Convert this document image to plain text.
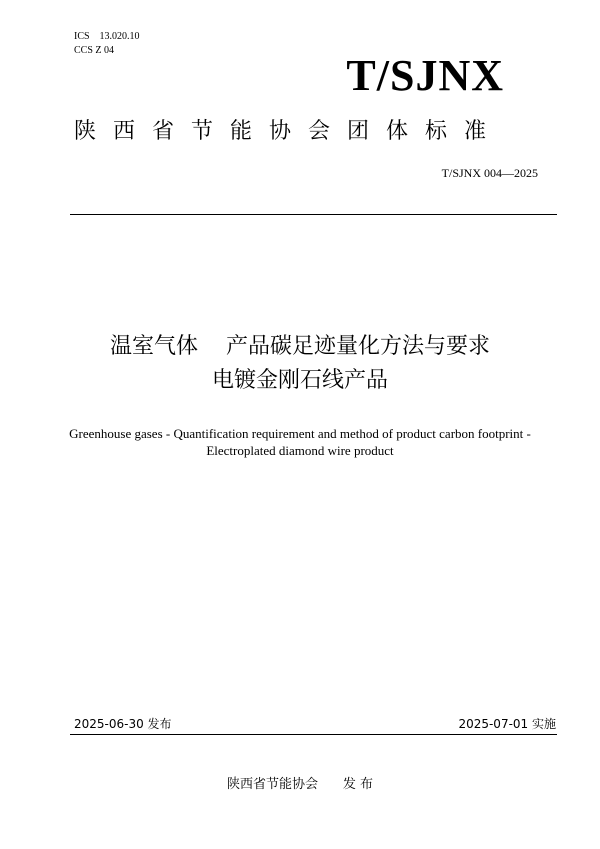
ICS    13.020.10
CCS Z 04
T/SJNX
陕西省节能协会团体标准
T/SJNX 004—2025
温室气体    产品碳足迹量化方法与要求
电镀金刚石线产品
Greenhouse gases - Quantification requirement and method of product carbon footprint - Electroplated diamond wire product
2025-06-30 发布	2025-07-01 实施
陕西省节能协会      发 布
